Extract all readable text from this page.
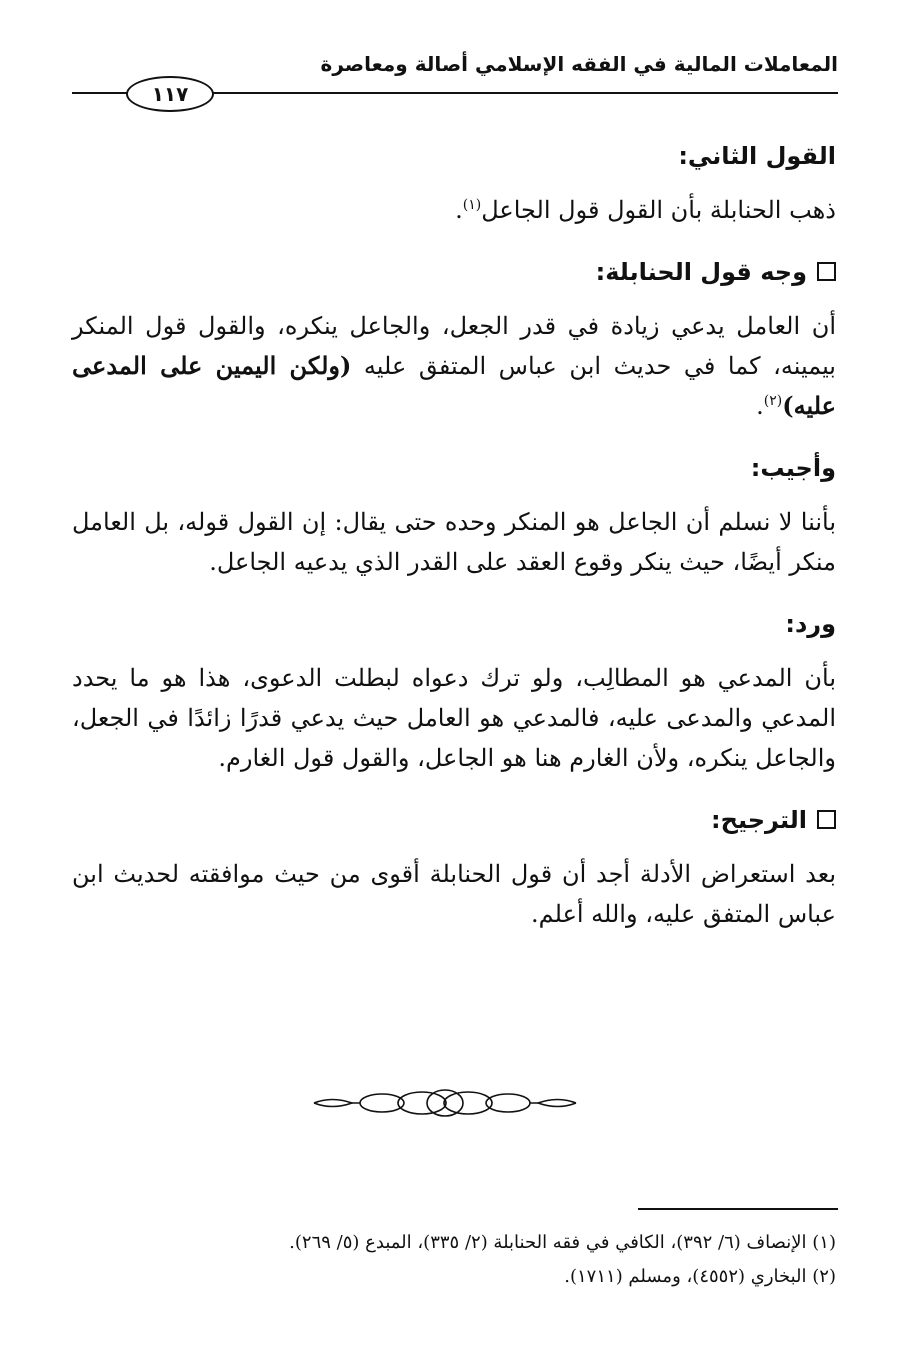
المعاملات المالية في الفقه الإسلامي أصالة ومعاصرة
١١٧
القول الثاني:

ذهب الحنابلة بأن القول قول الجاعل$^{(١)}$.

وجه قول الحنابلة:

أن العامل يدعي زيادة في قدر الجعل، والجاعل ينكره، والقول قول المنكر بيمينه، كما في حديث ابن عباس المتفق عليه (ولكن اليمين على المدعى عليه)$^{(٢)}$.

وأجيب:

بأننا لا نسلم أن الجاعل هو المنكر وحده حتى يقال: إن القول قوله، بل العامل منكر أيضًا، حيث ينكر وقوع العقد على القدر الذي يدعيه الجاعل.

ورد:

بأن المدعي هو المطالِب، ولو ترك دعواه لبطلت الدعوى، هذا هو ما يحدد المدعي والمدعى عليه، فالمدعي هو العامل حيث يدعي قدرًا زائدًا في الجعل، والجاعل ينكره، ولأن الغارم هنا هو الجاعل، والقول قول الغارم.

الترجيح:

بعد استعراض الأدلة أجد أن قول الحنابلة أقوى من حيث موافقته لحديث ابن عباس المتفق عليه، والله أعلم.

(١) الإنصاف (٦/ ٣٩٢)، الكافي في فقه الحنابلة (٢/ ٣٣٥)، المبدع (٥/ ٢٦٩).
(٢) البخاري (٤٥٥٢)، ومسلم (١٧١١).
